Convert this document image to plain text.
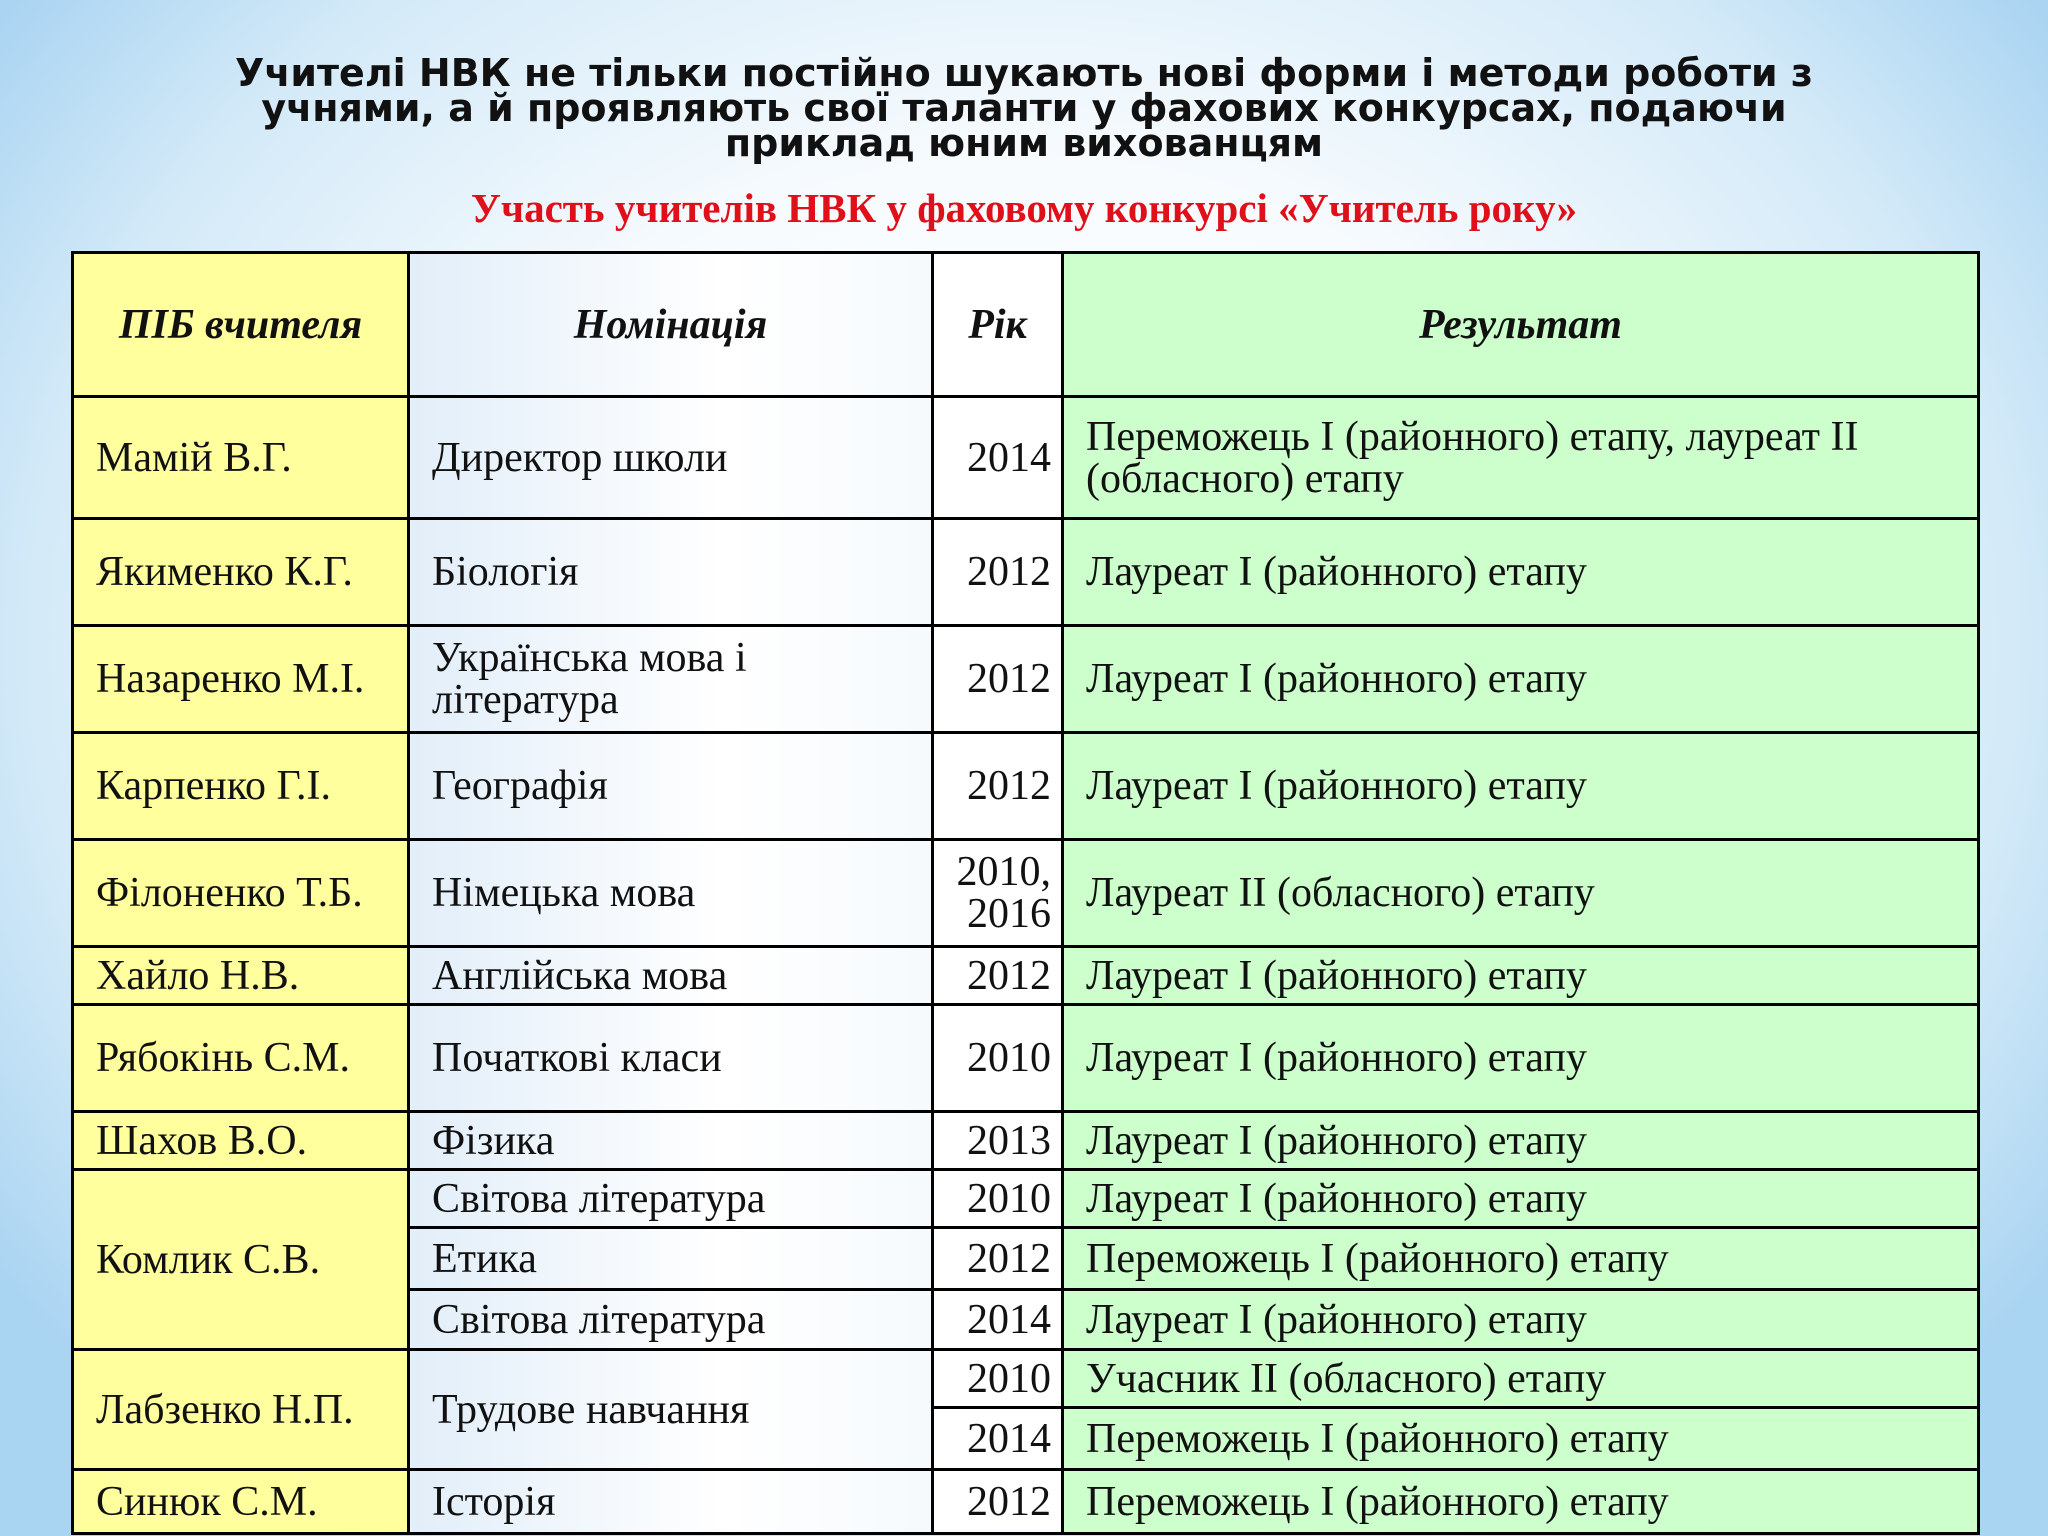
Учителі НВК не тільки постійно шукають нові форми і методи роботи з
учнями, а й проявляють свої таланти у фахових конкурсах, подаючи
приклад юним вихованцям
Участь учителів НВК у фаховому конкурсі «Учитель року»
ПІБ вчителя	Номінація	Рік	Результат
Мамій В.Г.	Директор школи	2014	Переможець І (районного) етапу, лауреат ІІ (обласного) етапу
Якименко К.Г.	Біологія	2012	Лауреат І (районного) етапу
Назаренко М.І.	Українська мова і література	2012	Лауреат І (районного) етапу
Карпенко Г.І.	Географія	2012	Лауреат І (районного) етапу
Філоненко Т.Б.	Німецька мова	2010, 2016	Лауреат ІІ (обласного) етапу
Хайло Н.В.	Англійська мова	2012	Лауреат І (районного) етапу
Рябокінь С.М.	Початкові класи	2010	Лауреат І (районного) етапу
Шахов В.О.	Фізика	2013	Лауреат І (районного) етапу
Комлик С.В.	Світова література	2010	Лауреат І (районного) етапу
	Етика	2012	Переможець І (районного) етапу
	Світова література	2014	Лауреат І (районного) етапу
Лабзенко Н.П.	Трудове навчання	2010	Учасник ІІ (обласного) етапу
		2014	Переможець І (районного) етапу
Синюк С.М.	Історія	2012	Переможець І (районного) етапу
